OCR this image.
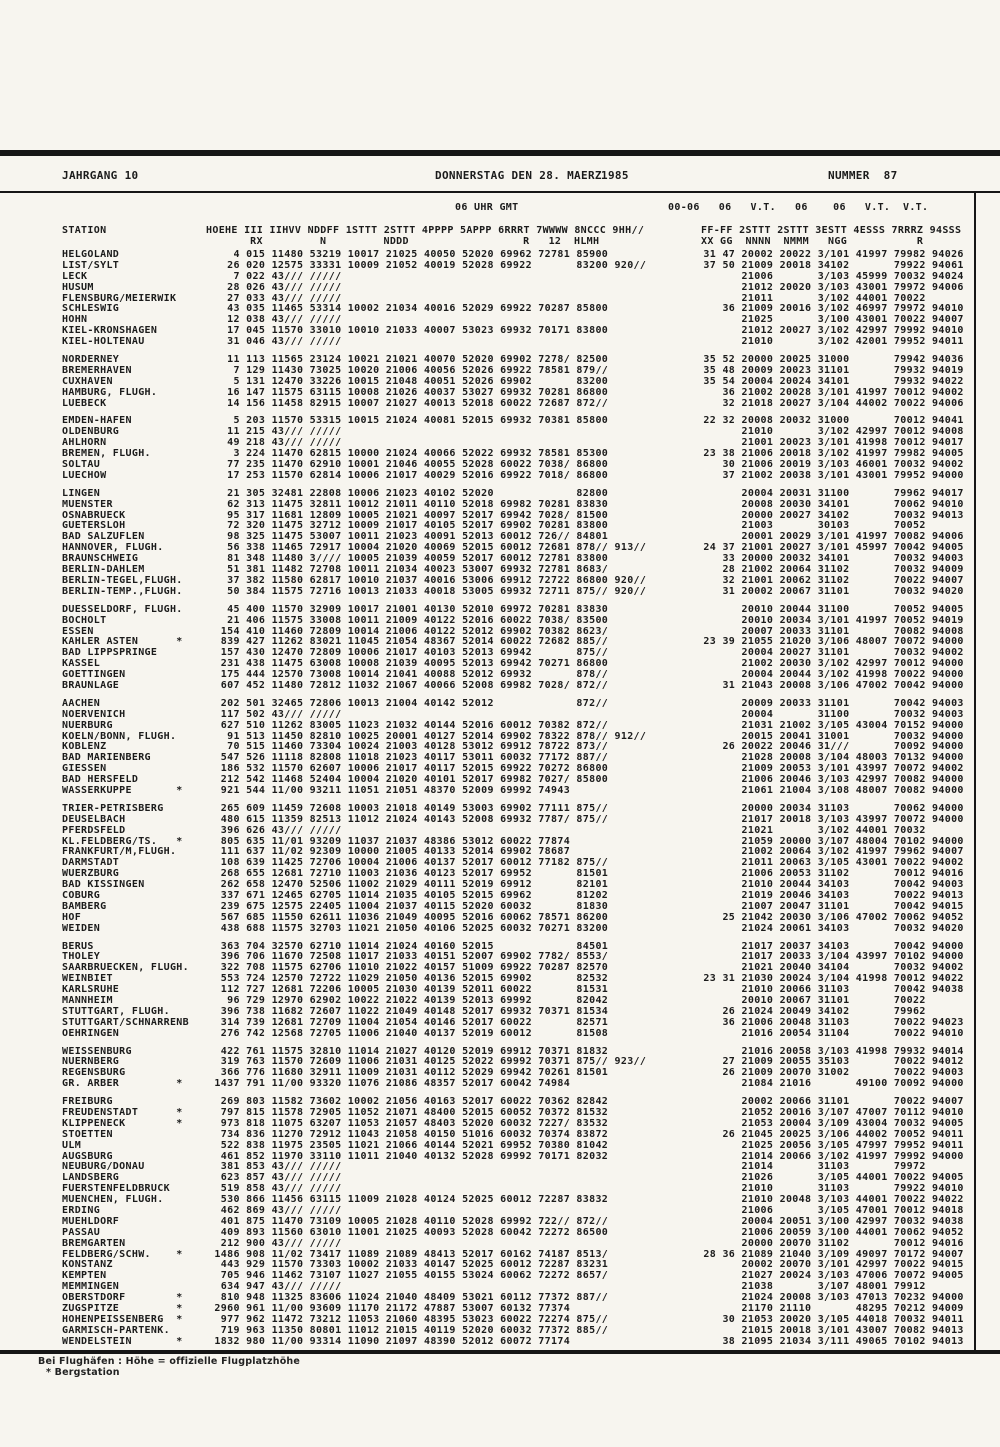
JAHRGANG 10	DONNERSTAG DEN 28. MAERZ 1985	NUMMER  87
06 UHR GMT	00-06   06   V.T.   06    06   V.T.  V.T.
STATION	HOEHE III IIHVV NDDFF 1STTT 2STTT 4PPPP 5APPP 6RRRT 7WWWW 8NCCC 9HH//	FF-FF 2STTT 2STTT 3ESTT 4ESSS 7RRRZ 94SSS
RX         N         NDDD                  R   12  HLMH	XX GG  NNNN  NMMM   NGG           R
HELGOLAND                  4 015 11480 53219 10017 21025 40050 52020 69962 72781 85900               31 47 20002 20022 3/101 41997 79982 94026
LIST/SYLT                 26 020 12575 33331 10009 21052 40019 52028 69922       83200 920//         37 50 21009 20018 34102       79922 94061
LECK                       7 022 43/// /////                                                               21006       3/103 45999 70032 94024
HUSUM                     28 026 43/// /////                                                               21012 20020 3/103 43001 79972 94006
FLENSBURG/MEIERWIK        27 033 43/// /////                                                               21011       3/102 44001 70022
SCHLESWIG                 43 035 11465 53314 10002 21034 40016 52029 69922 70287 85800                  36 21009 20016 3/102 46997 79972 94010
HOHN                      12 038 43/// /////                                                               21025       3/100 43001 70022 94007
KIEL-KRONSHAGEN           17 045 11570 33010 10010 21033 40007 53023 69932 70171 83800                     21012 20027 3/102 42997 79992 94010
KIEL-HOLTENAU             31 046 43/// /////                                                               21010       3/102 42001 79952 94011
NORDERNEY                 11 113 11565 23124 10021 21021 40070 52020 69902 7278/ 82500               35 52 20000 20025 31000       79942 94036
BREMERHAVEN                7 129 11430 73025 10020 21006 40056 52026 69922 78581 879//               35 48 20009 20023 31101       79932 94019
CUXHAVEN                   5 131 12470 33226 10015 21048 40051 52026 69902       83200               35 54 20004 20024 34101       79932 94022
HAMBURG, FLUGH.           16 147 11575 63115 10008 21026 40037 53027 69932 70281 86800                  36 21002 20028 3/101 41997 70012 94002
LUEBECK                   14 156 11458 82915 10007 21027 40013 52018 60022 72687 872//                  32 21018 20027 3/104 44002 70022 94006
EMDEN-HAFEN                5 203 11570 53315 10015 21024 40081 52015 69932 70381 85800               22 32 20008 20032 31000       70012 94041
OLDENBURG                 11 215 43/// /////                                                               21010       3/102 42997 70012 94008
AHLHORN                   49 218 43/// /////                                                               21001 20023 3/101 41998 70012 94017
BREMEN, FLUGH.             3 224 11470 62815 10000 21024 40066 52022 69932 78581 85300               23 38 21006 20018 3/102 41997 79982 94005
SOLTAU                    77 235 11470 62910 10001 21046 40055 52028 60022 7038/ 86800                  30 21006 20019 3/103 46001 70032 94002
LUECHOW                   17 253 11570 62814 10006 21017 40029 52016 69922 7018/ 86800                  37 21002 20038 3/101 43001 79952 94000
LINGEN                    21 305 32481 22808 10006 21023 40102 52020             82800                     20004 20031 31100       79962 94017
MUENSTER                  62 313 11475 32811 10012 21011 40110 52018 69982 70281 83830                     20008 20030 34101       70062 94010
OSNABRUECK                95 317 11681 12809 10005 21021 40097 52017 69942 7028/ 81500                     20000 20027 34102       70032 94013
GUETERSLOH                72 320 11475 32712 10009 21017 40105 52017 69902 70281 83800                     21003       30103       70052
BAD SALZUFLEN             98 325 11475 53007 10011 21023 40091 52013 60012 726// 84801                     20001 20029 3/101 41997 70082 94006
HANNOVER, FLUGH.          56 338 11465 72917 10004 21020 40069 52015 60012 72681 878// 913//         24 37 21001 20027 3/101 45997 70042 94005
BRAUNSCHWEIG              81 348 11480 3//// 10005 21039 40059 52017 60012 72781 83800                  33 20000 20032 34101       70032 94003
BERLIN-DAHLEM             51 381 11482 72708 10011 21034 40023 53007 69932 72781 8683/                  28 21002 20064 31102       70032 94009
BERLIN-TEGEL,FLUGH.       37 382 11580 62817 10010 21037 40016 53006 69912 72722 86800 920//            32 21001 20062 31102       70022 94007
BERLIN-TEMP.,FLUGH.       50 384 11575 72716 10013 21033 40018 53005 69932 72711 875// 920//            31 20002 20067 31101       70032 94020
DUESSELDORF, FLUGH.       45 400 11570 32909 10017 21001 40130 52010 69972 70281 83830                     20010 20044 31100       70052 94005
BOCHOLT                   21 406 11575 33008 10011 21009 40122 52016 60022 7038/ 83500                     20010 20034 3/101 41997 70052 94019
ESSEN                    154 410 11460 72809 10014 21006 40122 52012 69902 70382 8623/                     20007 20033 31101       70082 94008
KAHLER ASTEN      *      839 427 11262 83021 11045 21054 48367 52014 60022 72682 885//               23 39 21055 21020 3/106 48007 70072 94000
BAD LIPPSPRINGE          157 430 12470 72809 10006 21017 40103 52013 69942       875//                     20004 20027 31101       70032 94002
KASSEL                   231 438 11475 63008 10008 21039 40095 52013 69942 70271 86800                     21002 20030 3/102 42997 70012 94000
GOETTINGEN               175 444 12570 73008 10014 21041 40088 52012 69932       878//                     20004 20044 3/102 41998 70022 94000
BRAUNLAGE                607 452 11480 72812 11032 21067 40066 52008 69982 7028/ 872//                  31 21043 20008 3/106 47002 70042 94000
AACHEN                   202 501 32465 72806 10013 21004 40142 52012             872//                     20009 20033 31101       70042 94003
NOERVENICH               117 502 43/// /////                                                               20004       31100       70032 94003
NUERBURG                 627 510 11262 83005 11023 21032 40144 52016 60012 70382 872//                     21031 21002 3/105 43004 70152 94000
KOELN/BONN, FLUGH.        91 513 11450 82810 10025 20001 40127 52014 69902 78322 878// 912//               20015 20041 31001       70032 94000
KOBLENZ                   70 515 11460 73304 10024 21003 40128 53012 69912 78722 873//                  26 20022 20046 31///       70092 94000
BAD MARIENBERG           547 526 11118 82808 11018 21023 40117 53011 60032 77172 887//                     21028 20008 3/104 48003 70132 94000
GIESSEN                  186 532 11570 62607 10006 21017 40117 52015 69922 70272 86800                     21009 20053 3/101 43997 70072 94002
BAD HERSFELD             212 542 11468 52404 10004 21020 40101 52017 69982 7027/ 85800                     21006 20046 3/103 42997 70082 94000
WASSERKUPPE       *      921 544 11/00 93211 11051 21051 48370 52009 69992 74943                           21061 21004 3/108 48007 70082 94000
TRIER-PETRISBERG         265 609 11459 72608 10003 21018 40149 53003 69902 77111 875//                     20000 20034 31103       70062 94000
DEUSELBACH               480 615 11359 82513 11012 21024 40143 52008 69932 7787/ 875//                     21017 20018 3/103 43997 70072 94000
PFERDSFELD               396 626 43/// /////                                                               21021       3/102 44001 70032
KL.FELDBERG/TS.   *      805 635 11/01 93209 11037 21037 48386 53012 60022 77874                           21059 20000 3/107 48004 70102 94000
FRANKFURT/M,FLUGH.       111 637 11/02 92309 10000 21005 40133 52014 69902 78687                           21002 20064 3/102 41997 79962 94007
DARMSTADT                108 639 11425 72706 10004 21006 40137 52017 60012 77182 875//                     21011 20063 3/105 43001 70022 94002
WUERZBURG                268 655 12681 72710 11003 21036 40123 52017 69952       81501                     21006 20053 31102       70012 94016
BAD KISSINGEN            262 658 12470 52506 11002 21029 40111 52019 69912       82101                     21010 20044 34103       70042 94003
COBURG                   337 671 12465 62705 11014 21035 40105 52015 69962       81202                     21019 20046 34103       70022 94013
BAMBERG                  239 675 12575 22405 11004 21037 40115 52020 60032       81830                     21007 20047 31101       70042 94015
HOF                      567 685 11550 62611 11036 21049 40095 52016 60062 78571 86200                  25 21042 20030 3/106 47002 70062 94052
WEIDEN                   438 688 11575 32703 11021 21050 40106 52025 60032 70271 83200                     21024 20061 34103       70032 94020
BERUS                    363 704 32570 62710 11014 21024 40160 52015             84501                     21017 20037 34103       70042 94000
THOLEY                   396 706 11670 72508 11017 21033 40151 52007 69902 7782/ 8553/                     21017 20033 3/104 43997 70102 94000
SAARBRUECKEN, FLUGH.     322 708 11575 62706 11010 21022 40157 51009 69922 70287 82570                     21021 20040 34104       70032 94002
WEINBIET                 553 724 12570 72722 11029 21050 40136 52015 69902       82532               23 31 21030 20024 3/104 41998 70012 94022
KARLSRUHE                112 727 12681 72206 10005 21030 40139 52011 60022       81531                     21010 20066 31103       70042 94038
MANNHEIM                  96 729 12970 62902 10022 21022 40139 52013 69992       82042                     20010 20067 31101       70022
STUTTGART, FLUGH.        396 738 11682 72607 11022 21049 40148 52017 69932 70371 81534                  26 21024 20049 34102       79962
STUTTGART/SCHNARRENB     314 739 12681 72709 11004 21054 40146 52017 60022       82571                  36 21006 20048 31103       70022 94023
OEHRINGEN                276 742 12568 72705 11006 21040 40137 52019 60012       81508                     21016 20054 31104       70022 94010
WEISSENBURG              422 761 11575 32810 11014 21027 40120 52019 69912 70371 81832                     21016 20058 3/103 41998 79932 94014
NUERNBERG                319 763 11570 72609 11006 21031 40125 52022 69992 70371 875// 923//            27 21009 20055 35103       70022 94012
REGENSBURG               366 776 11680 32911 11009 21031 40112 52029 69942 70261 81501                  26 21009 20070 31002       70022 94003
GR. ARBER         *     1437 791 11/00 93320 11076 21086 48357 52017 60042 74984                           21084 21016       49100 70092 94000
FREIBURG                 269 803 11582 73602 10002 21056 40163 52017 60022 70362 82842                     20002 20066 31101       70022 94007
FREUDENSTADT      *      797 815 11578 72905 11052 21071 48400 52015 60052 70372 81532                     21052 20016 3/107 47007 70112 94010
KLIPPENECK        *      973 818 11075 63207 11053 21057 48403 52020 60032 7227/ 83532                     21053 20004 3/109 43004 70032 94005
STOETTEN                 734 836 11270 72912 11043 21058 40150 51016 60032 70374 83872                  26 21045 20025 3/106 44002 70052 94011
ULM                      522 838 11975 23505 11021 21066 40144 52021 69952 70380 81042                     21025 20056 3/105 47997 79952 94011
AUGSBURG                 461 852 11970 33110 11011 21040 40132 52028 69992 70171 82032                     21014 20066 3/102 41997 79992 94000
NEUBURG/DONAU            381 853 43/// /////                                                               21014       31103       79972
LANDSBERG                623 857 43/// /////                                                               21026       3/105 44001 70022 94005
FUERSTENFELDBRUCK        519 858 43/// /////                                                               21010       31103       79922 94010
MUENCHEN, FLUGH.         530 866 11456 63115 11009 21028 40124 52025 60012 72287 83832                     21010 20048 3/103 44001 70022 94022
ERDING                   462 869 43/// /////                                                               21006       3/105 47001 70012 94018
MUEHLDORF                401 875 11470 73109 10005 21028 40110 52028 69992 722// 872//                     20004 20051 3/100 42997 70032 94038
PASSAU                   409 893 11560 63010 11001 21025 40093 52028 60042 72272 86500                     21006 20059 3/100 44001 70062 94052
BREMGARTEN               212 900 43/// /////                                                               20000 20070 31102       70012 94016
FELDBERG/SCHW.    *     1486 908 11/02 73417 11089 21089 48413 52017 60162 74187 8513/               28 36 21089 21040 3/109 49097 70172 94007
KONSTANZ                 443 929 11570 73303 10002 21033 40147 52025 60012 72287 83231                     20002 20070 3/101 42997 70022 94015
KEMPTEN                  705 946 11462 73107 11027 21055 40155 53024 60062 72272 8657/                     21027 20024 3/103 47006 70072 94005
MEMMINGEN                634 947 43/// /////                                                               21038       3/107 48001 79912
OBERSTDORF        *      810 948 11325 83606 11024 21040 48409 53021 60112 77372 887//                     21024 20008 3/103 47013 70232 94000
ZUGSPITZE         *     2960 961 11/00 93609 11170 21172 47887 53007 60132 77374                           21170 21110       48295 70212 94009
HOHENPEISSENBERG  *      977 962 11472 73212 11053 21060 48395 53023 60022 72274 875//                  30 21053 20020 3/105 44018 70032 94011
GARMISCH-PARTENK.        719 963 11350 80801 11012 21015 40119 52020 60032 77372 885//                     21015 20018 3/101 43007 70082 94013
WENDELSTEIN       *     1832 980 11/00 93314 11090 21097 48390 52012 60072 77174                        38 21095 21034 3/111 49065 70102 94013
Bei Flughäfen : Höhe = offizielle Flugplatzhöhe
* Bergstation
